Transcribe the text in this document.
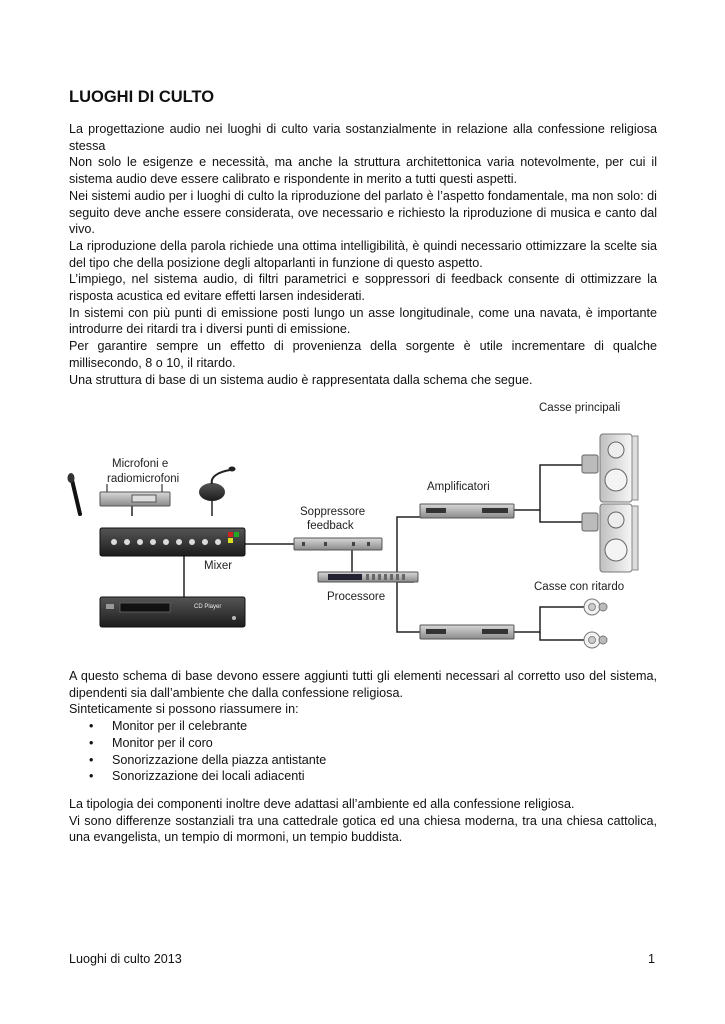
LUOGHI DI CULTO

La progettazione audio nei luoghi di culto varia sostanzialmente in relazione alla confessione religiosa stessa

Non solo le esigenze e necessità, ma anche la struttura architettonica varia notevolmente, per cui il sistema audio deve essere calibrato e rispondente in merito a tutti questi aspetti.

Nei sistemi audio per i luoghi di culto la riproduzione del parlato è l’aspetto fondamentale, ma non solo: di seguito deve anche essere considerata, ove necessario e richiesto la riproduzione di musica e canto dal vivo.

La riproduzione della parola richiede una ottima intelligibilità, è quindi necessario ottimizzare la scelte sia del tipo che della posizione degli altoparlanti in funzione di questo aspetto.

L’impiego, nel sistema audio, di filtri parametrici e soppressori di feedback consente di ottimizzare la risposta acustica ed evitare effetti larsen indesiderati.

In sistemi con più punti di emissione posti lungo un asse longitudinale, come una navata, è importante introdurre dei ritardi tra i diversi punti di emissione.

Per garantire sempre un effetto di provenienza della sorgente è utile incrementare di qualche millisecondo, 8 o 10, il ritardo.

Una struttura di base di un sistema audio è rappresentata dalla schema che segue.

Microfoni e
radiomicrofoni
Mixer
CD Player
Soppressore
feedback
Processore
Amplificatori
Casse principali
Casse con ritardo

A questo schema di base devono essere aggiunti tutti gli elementi necessari al corretto uso del sistema, dipendenti sia dall’ambiente che dalla confessione religiosa.

Sinteticamente si possono riassumere in:

• Monitor per il celebrante
• Monitor per il coro
• Sonorizzazione della piazza antistante
• Sonorizzazione dei locali adiacenti

La tipologia dei componenti inoltre deve adattasi all’ambiente ed alla confessione religiosa.

Vi sono differenze sostanziali tra una cattedrale gotica ed una chiesa moderna, tra una chiesa cattolica, una evangelista, un tempio di mormoni, un tempio buddista.

Luoghi di culto 2013	1
